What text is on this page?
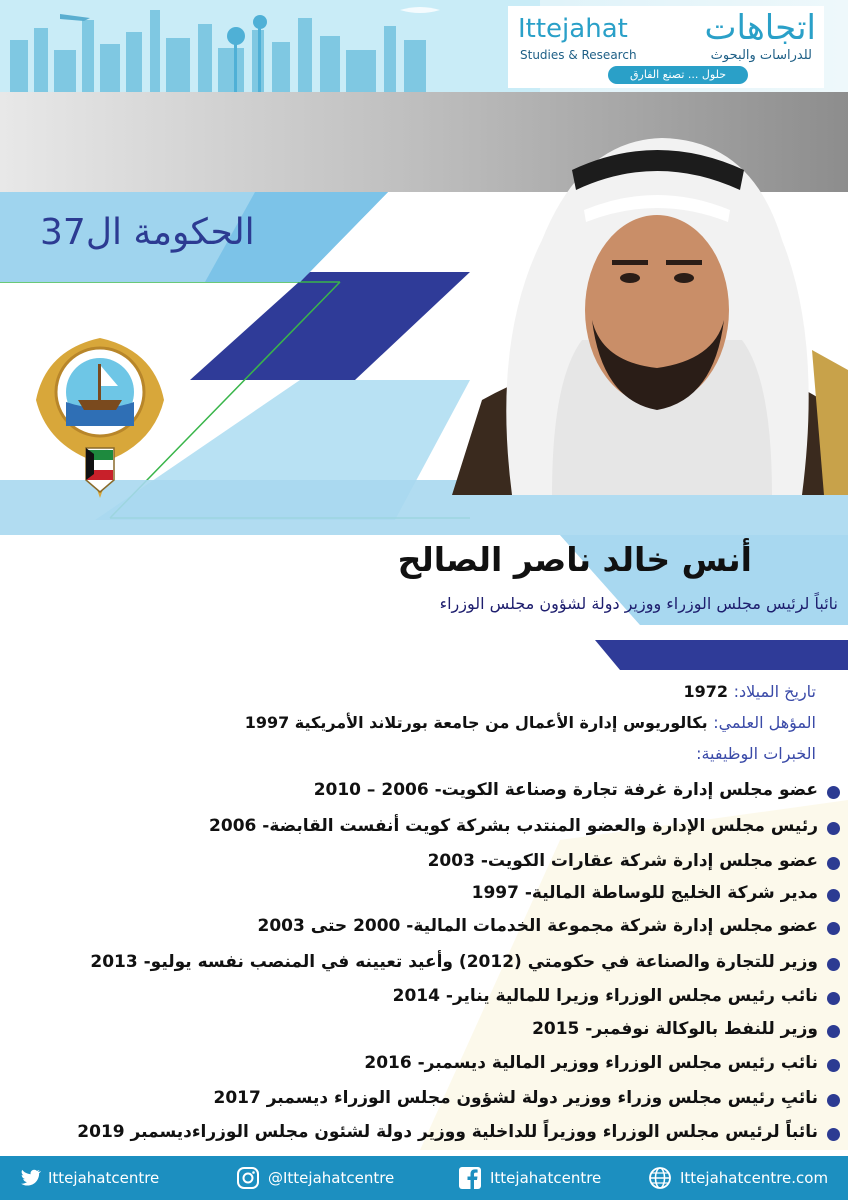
اتجاهات
Ittejahat
Studies & Research	للدراسات والبحوث
حلول ... تصنع الفارق
الحكومة ال37
أنس خالد ناصر الصالح
نائباً لرئيس مجلس الوزراء ووزير دولة لشؤون مجلس الوزراء
تاريخ الميلاد: 1972
المؤهل العلمي: بكالوريوس إدارة الأعمال من جامعة بورتلاند الأمريكية 1997
الخبرات الوظيفية:
عضو مجلس إدارة غرفة تجارة وصناعة الكويت- 2006 – 2010
رئيس مجلس الإدارة والعضو المنتدب بشركة كويت أنفست القابضة- 2006
عضو مجلس إدارة شركة عقارات الكويت- 2003
مدير شركة الخليج للوساطة المالية- 1997
عضو مجلس إدارة شركة مجموعة الخدمات المالية- 2000 حتى 2003
وزير للتجارة والصناعة في حكومتي (2012) وأعيد تعيينه في المنصب نفسه يوليو- 2013
نائب رئيس مجلس الوزراء وزيرا للمالية يناير- 2014
وزير للنفط بالوكالة نوفمبر- 2015
نائب رئيس مجلس الوزراء ووزير المالية ديسمبر- 2016
نائبِ رئيس مجلس وزراء ووزير دولة لشؤون مجلس الوزراء ديسمبر 2017
نائباً لرئيس مجلس الوزراء ووزيراً للداخلية ووزير دولة لشئون مجلس الوزراءديسمبر 2019
Ittejahatcentre	@Ittejahatcentre	Ittejahatcentre	Ittejahatcentre.com
